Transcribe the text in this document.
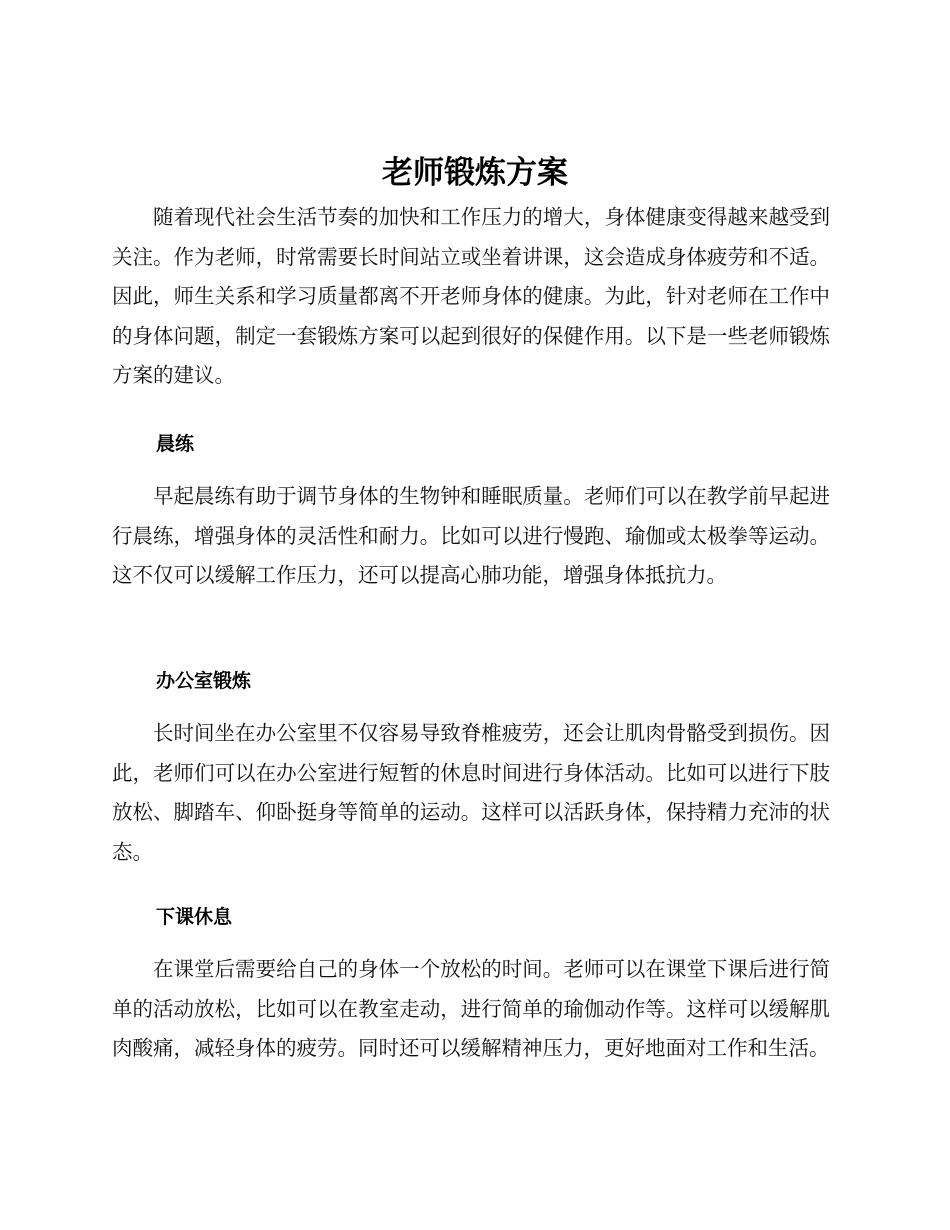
老师锻炼方案

随着现代社会生活节奏的加快和工作压力的增大，身体健康变得越来越受到关注。作为老师，时常需要长时间站立或坐着讲课，这会造成身体疲劳和不适。因此，师生关系和学习质量都离不开老师身体的健康。为此，针对老师在工作中的身体问题，制定一套锻炼方案可以起到很好的保健作用。以下是一些老师锻炼方案的建议。

晨练

早起晨练有助于调节身体的生物钟和睡眠质量。老师们可以在教学前早起进行晨练，增强身体的灵活性和耐力。比如可以进行慢跑、瑜伽或太极拳等运动。这不仅可以缓解工作压力，还可以提高心肺功能，增强身体抵抗力。

办公室锻炼

长时间坐在办公室里不仅容易导致脊椎疲劳，还会让肌肉骨骼受到损伤。因此，老师们可以在办公室进行短暂的休息时间进行身体活动。比如可以进行下肢放松、脚踏车、仰卧挺身等简单的运动。这样可以活跃身体，保持精力充沛的状态。

下课休息

在课堂后需要给自己的身体一个放松的时间。老师可以在课堂下课后进行简单的活动放松，比如可以在教室走动，进行简单的瑜伽动作等。这样可以缓解肌肉酸痛，减轻身体的疲劳。同时还可以缓解精神压力，更好地面对工作和生活。
